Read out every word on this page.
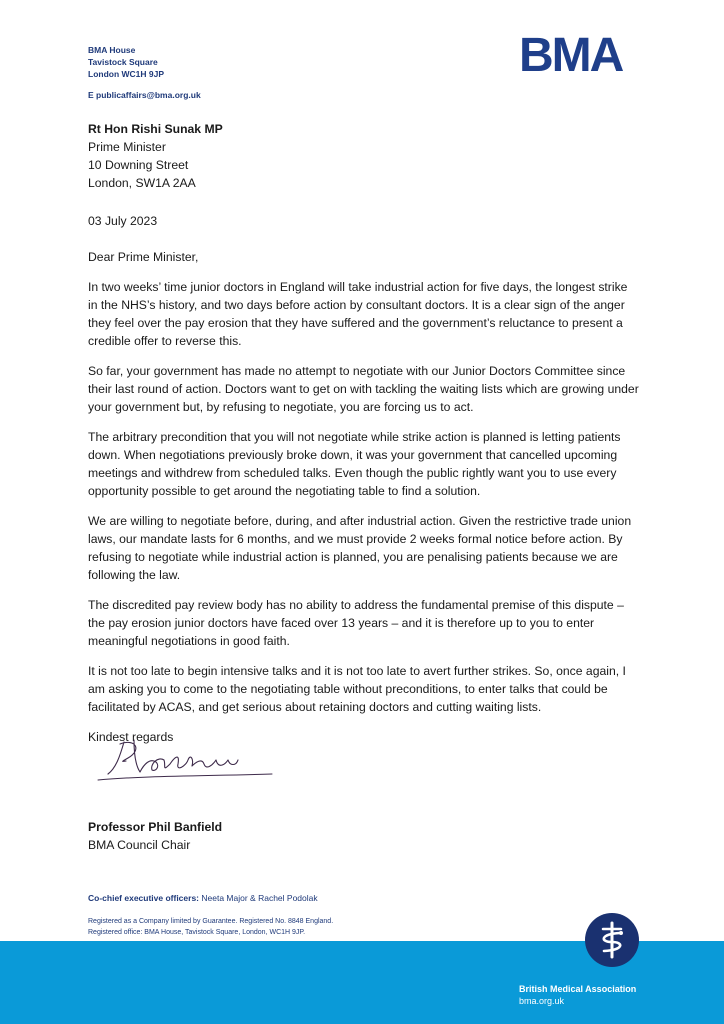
BMA House
Tavistock Square
London WC1H 9JP
E publicaffairs@bma.org.uk
BMA
Rt Hon Rishi Sunak MP
Prime Minister
10 Downing Street
London, SW1A 2AA
03 July 2023
Dear Prime Minister,

In two weeks’ time junior doctors in England will take industrial action for five days, the longest strike in the NHS’s history, and two days before action by consultant doctors. It is a clear sign of the anger they feel over the pay erosion that they have suffered and the government’s reluctance to present a credible offer to reverse this.

So far, your government has made no attempt to negotiate with our Junior Doctors Committee since their last round of action. Doctors want to get on with tackling the waiting lists which are growing under your government but, by refusing to negotiate, you are forcing us to act.

The arbitrary precondition that you will not negotiate while strike action is planned is letting patients down. When negotiations previously broke down, it was your government that cancelled upcoming meetings and withdrew from scheduled talks. Even though the public rightly want you to use every opportunity possible to get around the negotiating table to find a solution.

We are willing to negotiate before, during, and after industrial action. Given the restrictive trade union laws, our mandate lasts for 6 months, and we must provide 2 weeks formal notice before action. By refusing to negotiate while industrial action is planned, you are penalising patients because we are following the law.

The discredited pay review body has no ability to address the fundamental premise of this dispute – the pay erosion junior doctors have faced over 13 years – and it is therefore up to you to enter meaningful negotiations in good faith.

It is not too late to begin intensive talks and it is not too late to avert further strikes. So, once again, I am asking you to come to the negotiating table without preconditions, to enter talks that could be facilitated by ACAS, and get serious about retaining doctors and cutting waiting lists.

Kindest regards

Professor Phil Banfield
BMA Council Chair
Co-chief executive officers: Neeta Major & Rachel Podolak
Registered as a Company limited by Guarantee. Registered No. 8848 England.
Registered office: BMA House, Tavistock Square, London, WC1H 9JP.
British Medical Association
bma.org.uk
